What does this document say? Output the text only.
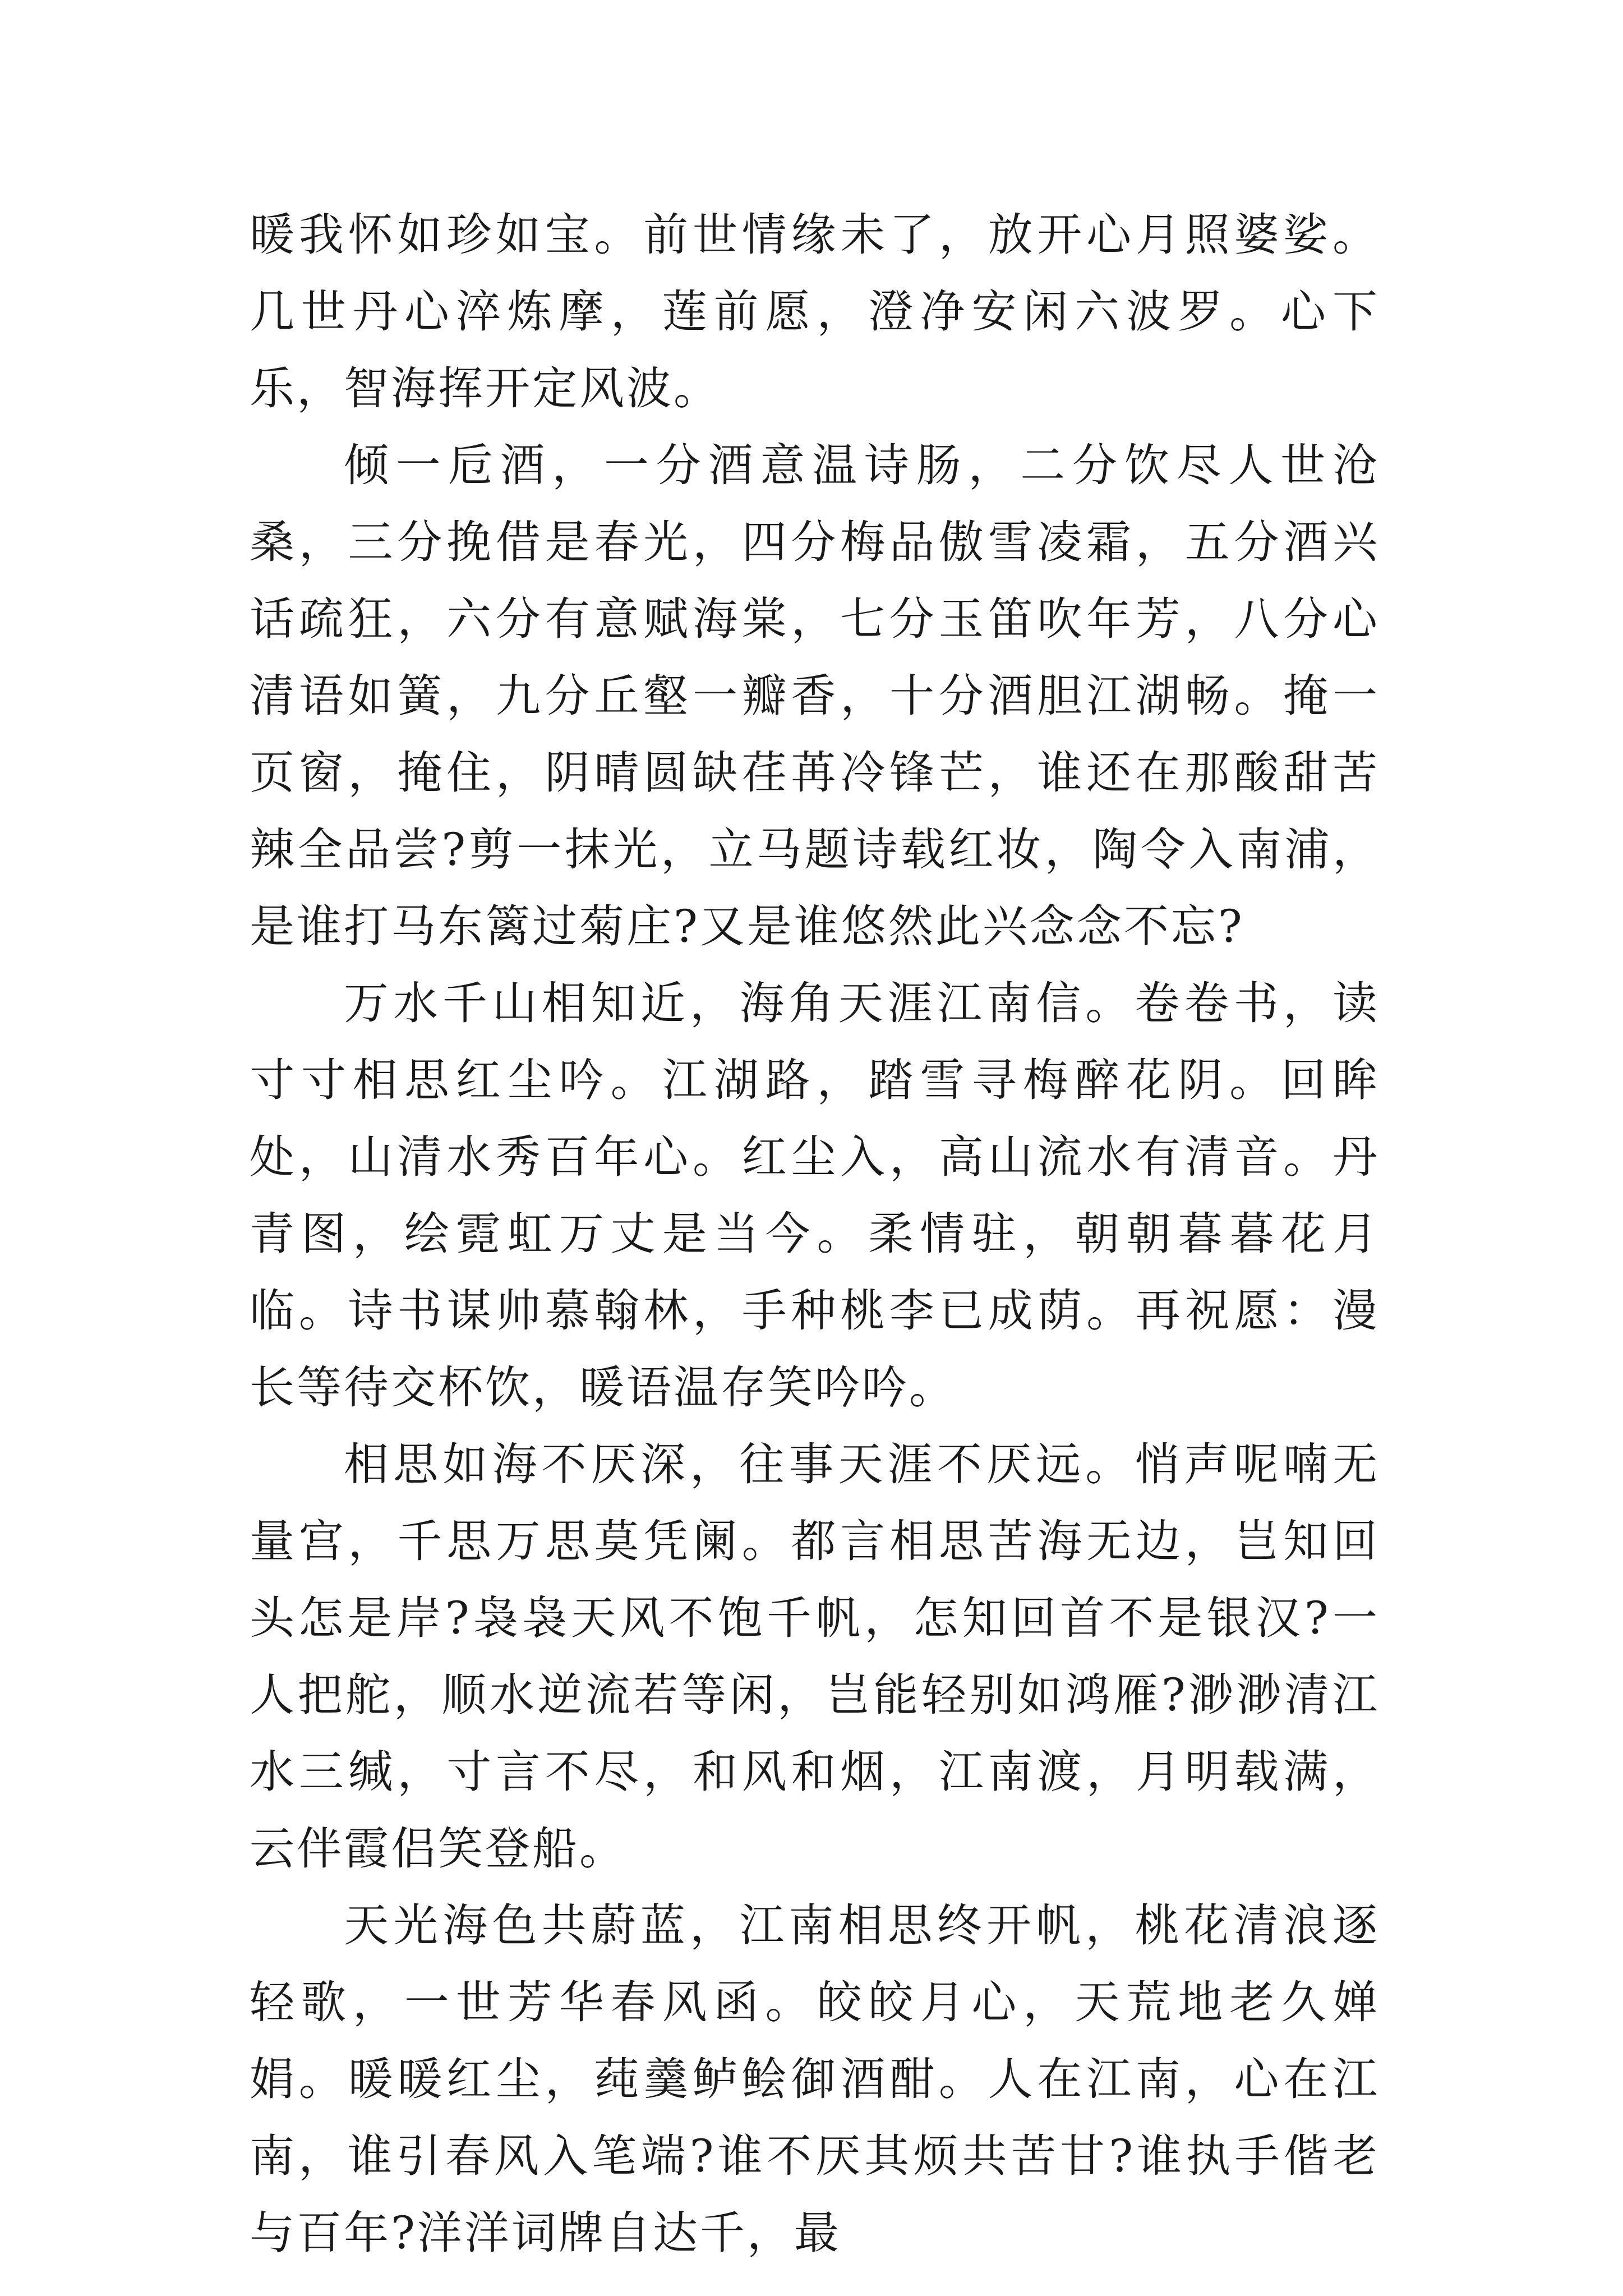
暖我怀如珍如宝。前世情缘未了，放开心月照婆娑。几世丹心淬炼摩，莲前愿，澄净安闲六波罗。心下乐，智海挥开定风波。

倾一卮酒，一分酒意温诗肠，二分饮尽人世沧桑，三分挽借是春光，四分梅品傲雪凌霜，五分酒兴话疏狂，六分有意赋海棠，七分玉笛吹年芳，八分心清语如簧，九分丘壑一瓣香，十分酒胆江湖畅。掩一页窗，掩住，阴晴圆缺荏苒冷锋芒，谁还在那酸甜苦辣全品尝?剪一抹光，立马题诗载红妆，陶令入南浦，是谁打马东篱过菊庄?又是谁悠然此兴念念不忘?

万水千山相知近，海角天涯江南信。卷卷书，读寸寸相思红尘吟。江湖路，踏雪寻梅醉花阴。回眸处，山清水秀百年心。红尘入，高山流水有清音。丹青图，绘霓虹万丈是当今。柔情驻，朝朝暮暮花月临。诗书谋帅慕翰林，手种桃李已成荫。再祝愿：漫长等待交杯饮，暖语温存笑吟吟。

相思如海不厌深，往事天涯不厌远。悄声呢喃无量宫，千思万思莫凭阑。都言相思苦海无边，岂知回头怎是岸?袅袅天风不饱千帆，怎知回首不是银汉?一人把舵，顺水逆流若等闲，岂能轻别如鸿雁?渺渺清江水三缄，寸言不尽，和风和烟，江南渡，月明载满，云伴霞侣笑登船。

天光海色共蔚蓝，江南相思终开帆，桃花清浪逐轻歌，一世芳华春风函。皎皎月心，天荒地老久婵娟。暖暖红尘，莼羹鲈鲙御酒酣。人在江南，心在江南，谁引春风入笔端?谁不厌其烦共苦甘?谁执手偕老与百年?洋洋词牌自达千，最
